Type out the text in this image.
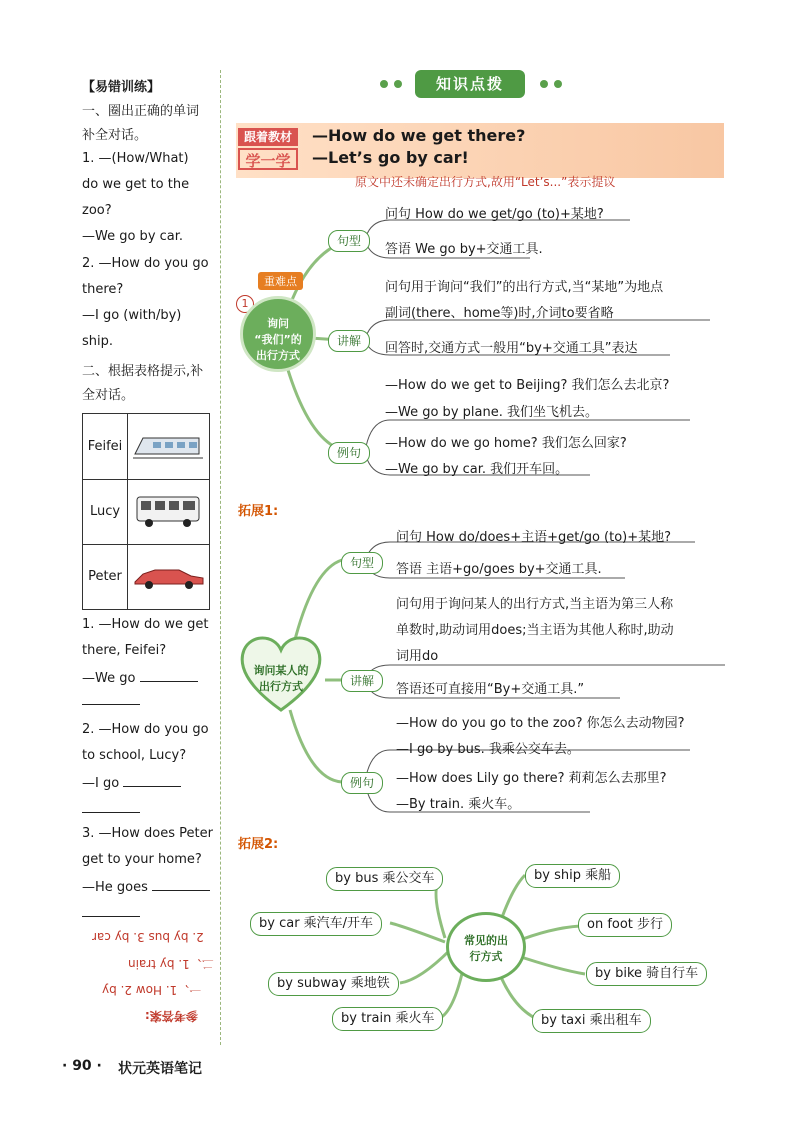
【易错训练】
一、圈出正确的单词
补全对话。
1. —(How/What)
do we get to the
zoo?
—We go by car.
2. —How do you go
there?
—I go (with/by)
ship.
二、根据表格提示,补
全对话。
Feifei
Lucy
Peter
1. —How do we get
there, Feifei?
—We go
2. —How do you go
to school, Lucy?
—I go
3. —How does Peter
get to your home?
—He goes
2. by bus 3. by car
二、1. by train
一、1. How 2. by
参考答案:
知识点拨
跟着教材
学一学
—How do we get there?
—Let’s go by car!
原文中还未确定出行方式,故用“Let’s...”表示提议
重难点
1
询问
“我们”的
出行方式
句型
讲解
例句
问句 How do we get/go (to)+某地?
答语 We go by+交通工具.
问句用于询问“我们”的出行方式,当“某地”为地点
副词(there、home等)时,介词to要省略
回答时,交通方式一般用“by+交通工具”表达
—How do we get to Beijing? 我们怎么去北京?
—We go by plane. 我们坐飞机去。
—How do we go home? 我们怎么回家?
—We go by car. 我们开车回。
拓展1:
询问某人的
出行方式
句型
讲解
例句
问句 How do/does+主语+get/go (to)+某地?
答语 主语+go/goes by+交通工具.
问句用于询问某人的出行方式,当主语为第三人称
单数时,助动词用does;当主语为其他人称时,助动
词用do
答语还可直接用“By+交通工具.”
—How do you go to the zoo? 你怎么去动物园?
—I go by bus. 我乘公交车去。
—How does Lily go there? 莉莉怎么去那里?
—By train. 乘火车。
拓展2:
常见的出
行方式
by bus 乘公交车
by car 乘汽车/开车
by subway 乘地铁
by train 乘火车
by ship 乘船
on foot 步行
by bike 骑自行车
by taxi 乘出租车
· 90 · 状元英语笔记
